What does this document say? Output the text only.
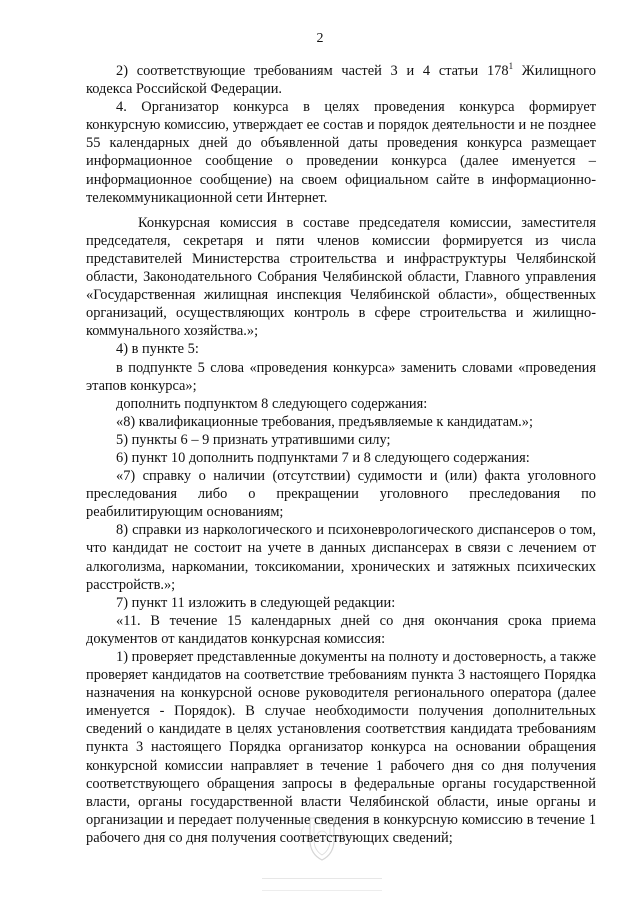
2

2) соответствующие требованиям частей 3 и 4 статьи $178^1$ Жилищного кодекса Российской Федерации.

4. Организатор конкурса в целях проведения конкурса формирует конкурсную комиссию, утверждает ее состав и порядок деятельности и не позднее 55 календарных дней до объявленной даты проведения конкурса размещает информационное сообщение о проведении конкурса (далее именуется – информационное сообщение) на своем официальном сайте в информационно-телекоммуникационной сети Интернет.

Конкурсная комиссия в составе председателя комиссии, заместителя председателя, секретаря и пяти членов комиссии формируется из числа представителей Министерства строительства и инфраструктуры Челябинской области, Законодательного Собрания Челябинской области, Главного управления «Государственная жилищная инспекция Челябинской области», общественных организаций, осуществляющих контроль в сфере строительства и жилищно-коммунального хозяйства.»;

4) в пункте 5:

в подпункте 5 слова «проведения конкурса» заменить словами «проведения этапов конкурса»;

дополнить подпунктом 8 следующего содержания:

«8) квалификационные требования, предъявляемые к кандидатам.»;

5) пункты 6 – 9 признать утратившими силу;

6) пункт 10 дополнить подпунктами 7 и 8 следующего содержания:

«7) справку о наличии (отсутствии) судимости и (или) факта уголовного преследования либо о прекращении уголовного преследования по реабилитирующим основаниям;

8) справки из наркологического и психоневрологического диспансеров о том, что кандидат не состоит на учете в данных диспансерах в связи с лечением от алкоголизма, наркомании, токсикомании, хронических и затяжных психических расстройств.»;

7) пункт 11 изложить в следующей редакции:

«11. В течение 15 календарных дней со дня окончания срока приема документов от кандидатов конкурсная комиссия:

1) проверяет представленные документы на полноту и достоверность, а также проверяет кандидатов на соответствие требованиям пункта 3 настоящего Порядка назначения на конкурсной основе руководителя регионального оператора (далее именуется - Порядок). В случае необходимости получения дополнительных сведений о кандидате в целях установления соответствия кандидата требованиям пункта 3 настоящего Порядка организатор конкурса на основании обращения конкурсной комиссии направляет в течение 1 рабочего дня со дня получения соответствующего обращения запросы в федеральные органы государственной власти, органы государственной власти Челябинской области, иные органы и организации и передает полученные сведения в конкурсную комиссию в течение 1 рабочего дня со дня получения соответствующих сведений;
